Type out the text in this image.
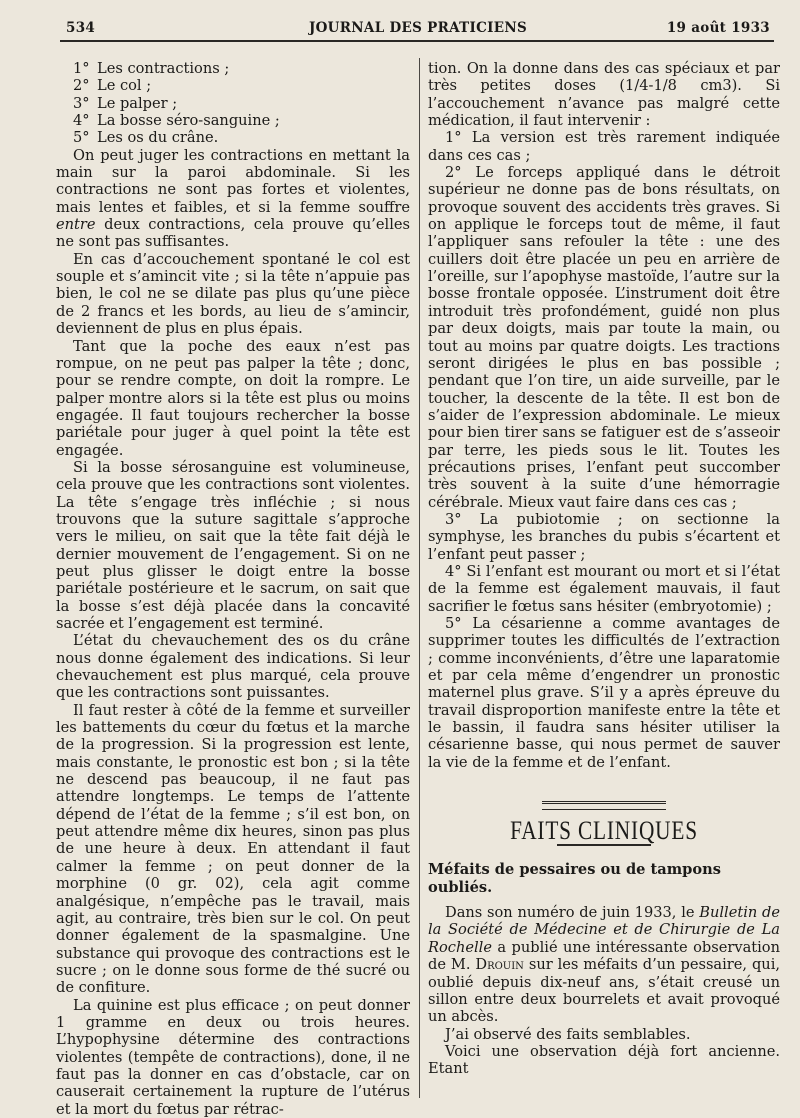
534	JOURNAL DES PRATICIENS	19 août 1933

1° Les contractions ;

2° Le col ;

3° Le palper ;

4° La bosse séro-sanguine ;

5° Les os du crâne.

On peut juger les contractions en mettant la main sur la paroi abdominale. Si les contractions ne sont pas fortes et violentes, mais lentes et faibles, et si la femme souffre entre deux contractions, cela prouve qu’elles ne sont pas suffisantes.

En cas d’accouchement spontané le col est souple et s’amincit vite ; si la tête n’appuie pas bien, le col ne se dilate pas plus qu’une pièce de 2 francs et les bords, au lieu de s’amincir, deviennent de plus en plus épais.

Tant que la poche des eaux n’est pas rompue, on ne peut pas palper la tête ; donc, pour se rendre compte, on doit la rompre. Le palper montre alors si la tête est plus ou moins engagée. Il faut toujours rechercher la bosse pariétale pour juger à quel point la tête est engagée.

Si la bosse sérosanguine est volumineuse, cela prouve que les contractions sont violentes. La tête s’engage très infléchie ; si nous trouvons que la suture sagittale s’approche vers le milieu, on sait que la tête fait déjà le dernier mouvement de l’engagement. Si on ne peut plus glisser le doigt entre la bosse pariétale postérieure et le sacrum, on sait que la bosse s’est déjà placée dans la concavité sacrée et l’engagement est terminé.

L’état du chevauchement des os du crâne nous donne également des indications. Si leur chevauchement est plus marqué, cela prouve que les contractions sont puissantes.

Il faut rester à côté de la femme et surveiller les battements du cœur du fœtus et la marche de la progression. Si la progression est lente, mais constante, le pronostic est bon ; si la tête ne descend pas beaucoup, il ne faut pas attendre longtemps. Le temps de l’attente dépend de l’état de la femme ; s’il est bon, on peut attendre même dix heures, sinon pas plus de une heure à deux. En attendant il faut calmer la femme ; on peut donner de la morphine (0 gr. 02), cela agit comme analgésique, n’empêche pas le travail, mais agit, au contraire, très bien sur le col. On peut donner également de la spasmalgine. Une substance qui provoque des contractions est le sucre ; on le donne sous forme de thé sucré ou de confiture.

La quinine est plus efficace ; on peut donner 1 gramme en deux ou trois heures. L’hypophysine détermine des contractions violentes (tempête de contractions), done, il ne faut pas la donner en cas d’obstacle, car on causerait certainement la rupture de l’utérus et la mort du fœtus par rétrac-

tion. On la donne dans des cas spéciaux et par très petites doses (1/4-1/8 cm3). Si l’accouchement n’avance pas malgré cette médication, il faut intervenir :

1° La version est très rarement indiquée dans ces cas ;

2° Le forceps appliqué dans le détroit supérieur ne donne pas de bons résultats, on provoque souvent des accidents très graves. Si on applique le forceps tout de même, il faut l’appliquer sans refouler la tête : une des cuillers doit être placée un peu en arrière de l’oreille, sur l’apophyse mastoïde, l’autre sur la bosse frontale opposée. L’instrument doit être introduit très profondément, guidé non plus par deux doigts, mais par toute la main, ou tout au moins par quatre doigts. Les tractions seront dirigées le plus en bas possible ; pendant que l’on tire, un aide surveille, par le toucher, la descente de la tête. Il est bon de s’aider de l’expression abdominale. Le mieux pour bien tirer sans se fatiguer est de s’asseoir par terre, les pieds sous le lit. Toutes les précautions prises, l’enfant peut succomber très souvent à la suite d’une hémorragie cérébrale. Mieux vaut faire dans ces cas ;

3° La pubiotomie ; on sectionne la symphyse, les branches du pubis s’écartent et l’enfant peut passer ;

4° Si l’enfant est mourant ou mort et si l’état de la femme est également mauvais, il faut sacrifier le fœtus sans hésiter (embryotomie) ;

5° La césarienne a comme avantages de supprimer toutes les difficultés de l’extraction ; comme inconvénients, d’être une laparatomie et par cela même d’engendrer un pronostic maternel plus grave. S’il y a après épreuve du travail disproportion manifeste entre la tête et le bassin, il faudra sans hésiter utiliser la césarienne basse, qui nous permet de sauver la vie de la femme et de l’enfant.

FAITS CLINIQUES

Méfaits de pessaires ou de tampons oubliés.

Dans son numéro de juin 1933, le Bulletin de la Société de Médecine et de Chirurgie de La Rochelle a publié une intéressante observation de M. Drouin sur les méfaits d’un pessaire, qui, oublié depuis dix-neuf ans, s’était creusé un sillon entre deux bourrelets et avait provoqué un abcès.

J’ai observé des faits semblables.

Voici une observation déjà fort ancienne. Etant
